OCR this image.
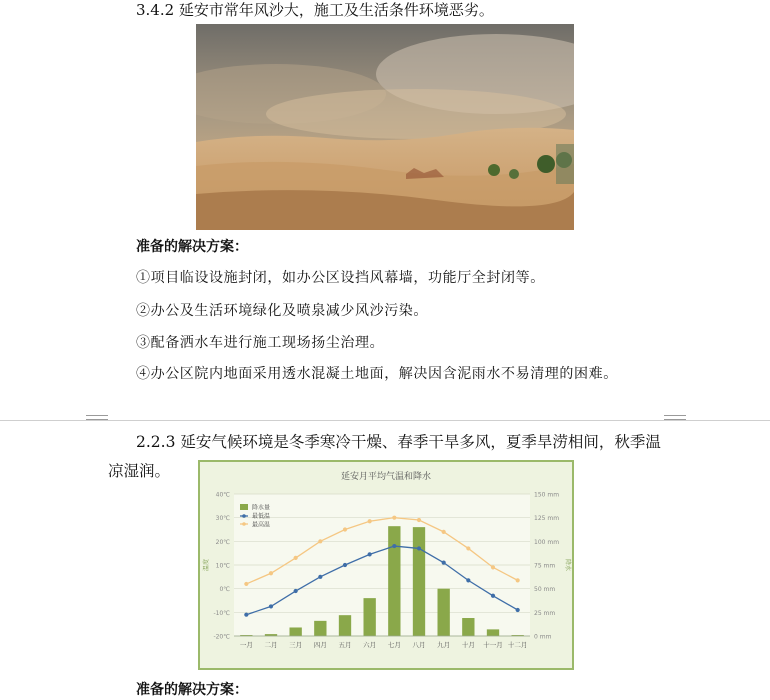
3.4.2 延安市常年风沙大，施工及生活条件环境恶劣。
准备的解决方案：
①项目临设设施封闭，如办公区设挡风幕墙，功能厅全封闭等。
②办公及生活环境绿化及喷泉减少风沙污染。
③配备洒水车进行施工现场扬尘治理。
④办公区院内地面采用透水混凝土地面，解决因含泥雨水不易清理的困难。
2.2.3 延安气候环境是冬季寒冷干燥、春季干旱多风，夏季旱涝相间，秋季温
凉湿润。	延安月平均气温和降水
40℃
30℃
20℃
10℃
0℃
-10℃
-20℃
150 mm
125 mm
100 mm
75 mm
50 mm
25 mm
0 mm
温度	降水
一月 二月 三月 四月 五月 六月 七月 八月 九月 十月 十一月 十二月
降水量
最低温
最高温
准备的解决方案：
